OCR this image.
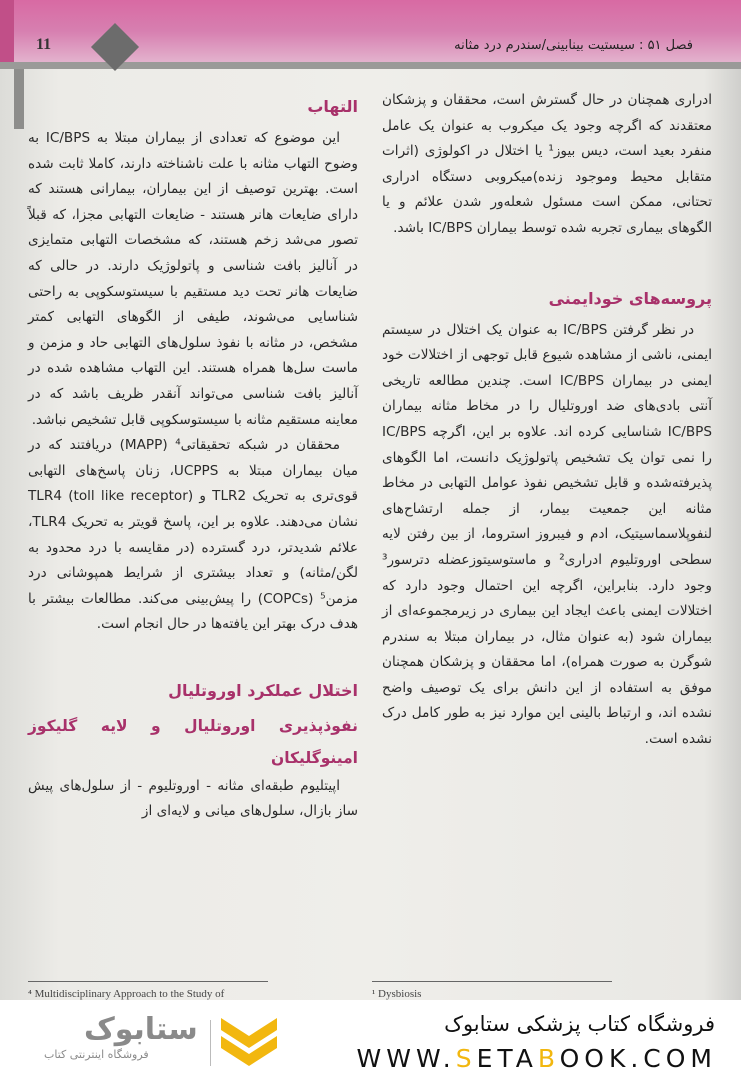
11	فصل ۵۱ : سیستیت بینابینی/سندرم درد مثانه

ادراری همچنان در حال گسترش است، محققان و پزشکان معتقدند که اگرچه وجود یک میکروب به عنوان یک عامل منفرد بعید است، دیس بیوز¹ یا اختلال در اکولوژی (اثرات متقابل محیط وموجود زنده)میکروبی دستگاه ادراری تحتانی، ممکن است مسئول شعله‌ور شدن علائم و یا الگوهای بیماری تجربه شده توسط بیماران IC/BPS باشد.

پروسه‌های خودایمنی

در نظر گرفتن IC/BPS به عنوان یک اختلال در سیستم ایمنی، ناشی از مشاهده شیوع قابل توجهی از اختلالات خود ایمنی در بیماران IC/BPS است. چندین مطالعه تاریخی آنتی بادی‌های ضد اوروتلیال را در مخاط مثانه بیماران IC/BPS شناسایی کرده اند. علاوه بر این، اگرچه IC/BPS را نمی توان یک تشخیص پاتولوژیک دانست، اما الگوهای پذیرفته‌شده و قابل تشخیص نفوذ عوامل التهابی در مخاط مثانه این جمعیت بیمار، از جمله ارتشاح‌های لنفوپلاسماسیتیک، ادم و فیبروز استروما، از بین رفتن لایه سطحی اوروتلیوم ادراری² و ماستوسیتوزعضله دترسور³ وجود دارد. بنابراین، اگرچه این احتمال وجود دارد که اختلالات ایمنی باعث ایجاد این بیماری در زیرمجموعه‌ای از بیماران شود (به عنوان مثال، در بیماران مبتلا به سندرم شوگرن به صورت همراه)، اما محققان و پزشکان همچنان موفق به استفاده از این دانش برای یک توصیف واضح نشده اند، و ارتباط بالینی این موارد نیز به طور کامل درک نشده است.

التهاب

این موضوع که تعدادی از بیماران مبتلا به IC/BPS به وضوح التهاب مثانه با علت ناشناخته دارند، کاملا ثابت شده است. بهترین توصیف از این بیماران، بیمارانی هستند که دارای ضایعات هانر هستند - ضایعات التهابی مجزا، که قبلاً تصور می‌شد زخم هستند، که مشخصات التهابی متمایزی در آنالیز بافت شناسی و پاتولوژیک دارند. در حالی که ضایعات هانر تحت دید مستقیم با سیستوسکوپی به راحتی شناسایی می‌شوند، طیفی از الگوهای التهابی کمتر مشخص، در مثانه با نفوذ سلول‌های التهابی حاد و مزمن و ماست سل‌ها همراه هستند. این التهاب مشاهده شده در آنالیز بافت شناسی می‌تواند آنقدر ظریف باشد که در معاینه مستقیم مثانه با سیستوسکوپی قابل تشخیص نباشد.

محققان در شبکه تحقیقاتی⁴ (MAPP) دریافتند که در میان بیماران مبتلا به UCPPS، زنان پاسخ‌های التهابی قوی‌تری به تحریک TLR2 و TLR4 (toll like receptor) نشان می‌دهند. علاوه بر این، پاسخ قویتر به تحریک TLR4، علائم شدیدتر، درد گسترده (در مقایسه با درد محدود به لگن/مثانه) و تعداد بیشتری از شرایط همپوشانی درد مزمن⁵ (COPCs) را پیش‌بینی می‌کند. مطالعات بیشتر با هدف درک بهتر این یافته‌ها در حال انجام است.

اختلال عملکرد اوروتلیال
نفوذپذیری اوروتلیال و لایه گلیکوز امینوگلیکان

اپیتلیوم طبقه‌ای مثانه - اوروتلیوم - از سلول‌های پیش ساز بازال، سلول‌های میانی و لایه‌ای از

⁴ Multidisciplinary Approach to the Study of	¹ Dysbiosis
ستابوک
فروشگاه اینترنتی کتاب
فروشگاه کتاب پزشکی ستابوک
WWW.SETABOOK.COM
